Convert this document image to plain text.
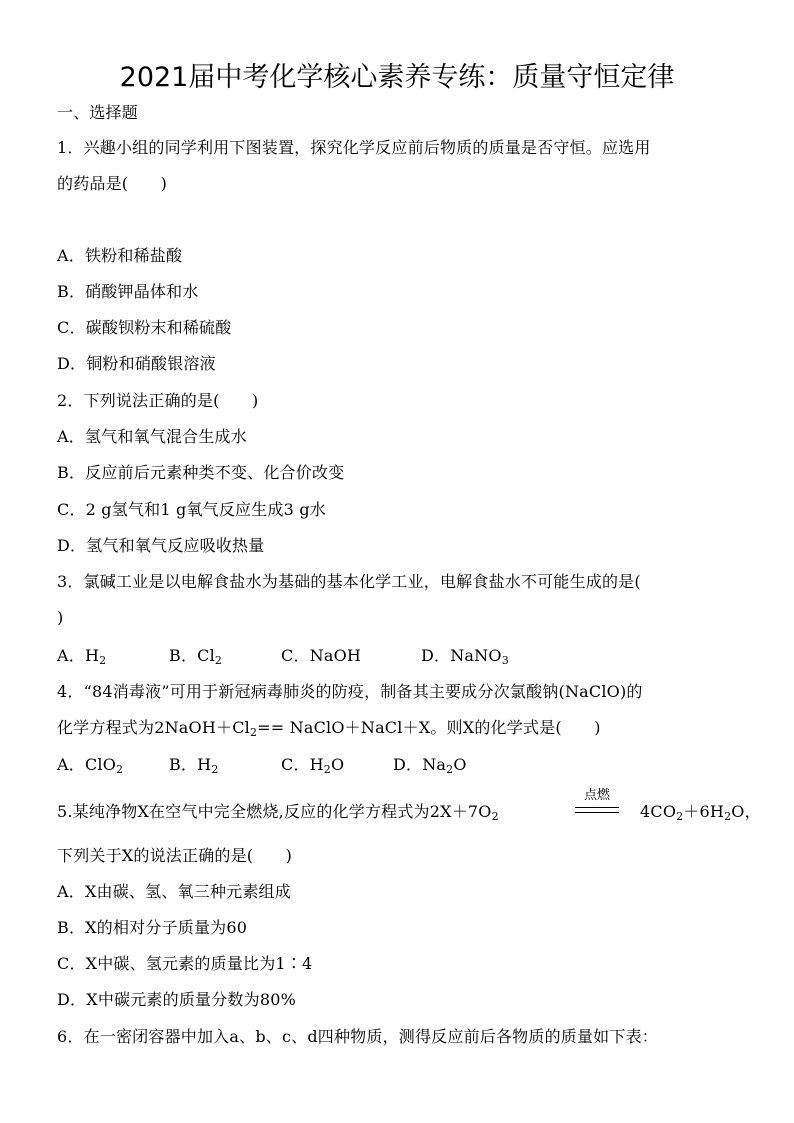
2021届中考化学核心素养专练：质量守恒定律
一、选择题
1．兴趣小组的同学利用下图装置，探究化学反应前后物质的质量是否守恒。应选用
的药品是(　　)
A．铁粉和稀盐酸
B．硝酸钾晶体和水
C．碳酸钡粉末和稀硫酸
D．铜粉和硝酸银溶液
2．下列说法正确的是(　　)
A．氢气和氧气混合生成水
B．反应前后元素种类不变、化合价改变
C．2 g氢气和1 g氧气反应生成3 g水
D．氢气和氧气反应吸收热量
3．氯碱工业是以电解食盐水为基础的基本化学工业，电解食盐水不可能生成的是(
)
A．$H_2$	B．$Cl_2$	C．NaOH	D．NaNO$_3$
4．“84消毒液”可用于新冠病毒肺炎的防疫，制备其主要成分次氯酸钠(NaClO)的
化学方程式为$2NaOH+Cl_2==$ NaClO＋NaCl＋X。则X的化学式是(　　)
A．ClO$_2$	B．$H_2$	C．$H_2O$	D．$Na_2O$
5.某纯净物X在空气中完全燃烧,反应的化学方程式为$2X+7O_2$
点燃
$4CO_2+6H_2O$，
下列关于X的说法正确的是(　　)
A．X由碳、氢、氧三种元素组成
B．X的相对分子质量为60
C．X中碳、氢元素的质量比为1∶4
D．X中碳元素的质量分数为80%
6．在一密闭容器中加入a、b、c、d四种物质，测得反应前后各物质的质量如下表：
